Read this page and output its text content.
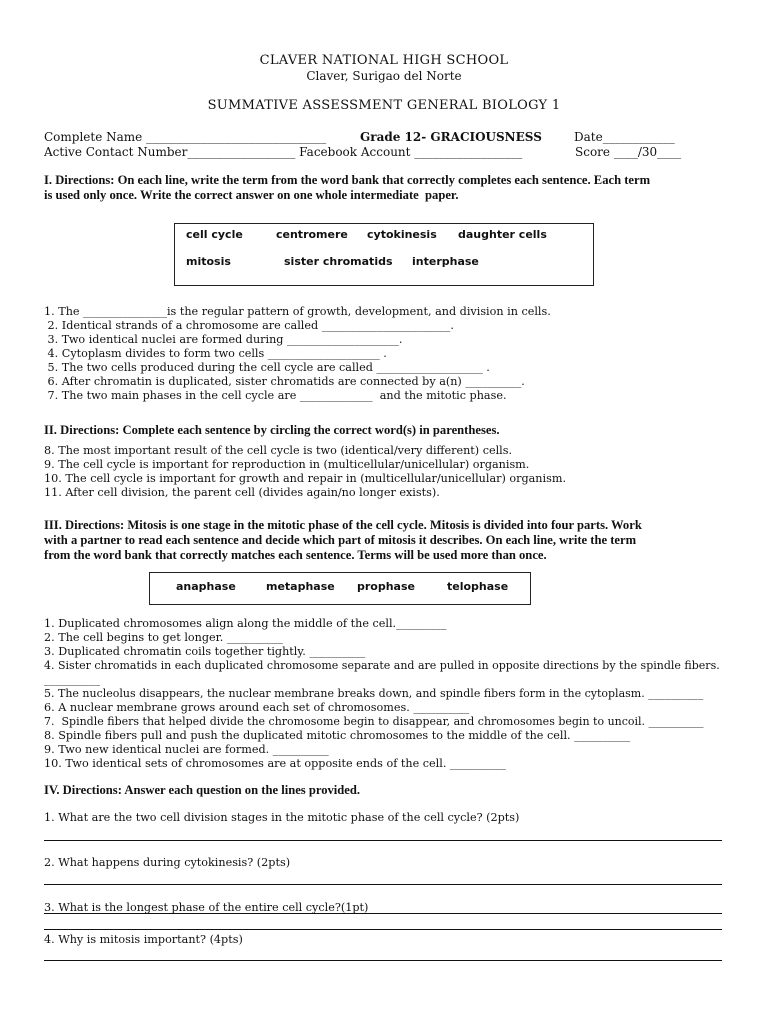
CLAVER NATIONAL HIGH SCHOOL
Claver, Surigao del Norte
SUMMATIVE ASSESSMENT GENERAL BIOLOGY 1
Complete Name ______________________________	Grade 12- GRACIOUSNESS	Date____________
Active Contact Number__________________ Facebook Account __________________	Score ____/30____
I. Directions: On each line, write the term from the word bank that correctly completes each sentence. Each term
is used only once. Write the correct answer on one whole intermediate  paper.
cell cycle	centromere cytokinesis daughter cells
mitosis	sister chromatids interphase
1. The _______________is the regular pattern of growth, development, and division in cells.
2. Identical strands of a chromosome are called _______________________.
3. Two identical nuclei are formed during ____________________.
4. Cytoplasm divides to form two cells ____________________ .
5. The two cells produced during the cell cycle are called ___________________ .
6. After chromatin is duplicated, sister chromatids are connected by a(n) __________.
7. The two main phases in the cell cycle are _____________  and the mitotic phase.
II. Directions: Complete each sentence by circling the correct word(s) in parentheses.
8. The most important result of the cell cycle is two (identical/very different) cells.
9. The cell cycle is important for reproduction in (multicellular/unicellular) organism.
10. The cell cycle is important for growth and repair in (multicellular/unicellular) organism.
11. After cell division, the parent cell (divides again/no longer exists).
III. Directions: Mitosis is one stage in the mitotic phase of the cell cycle. Mitosis is divided into four parts. Work
with a partner to read each sentence and decide which part of mitosis it describes. On each line, write the term
from the word bank that correctly matches each sentence. Terms will be used more than once.
anaphase	metaphase prophase	telophase
1. Duplicated chromosomes align along the middle of the cell._________
2. The cell begins to get longer. __________
3. Duplicated chromatin coils together tightly. __________
4. Sister chromatids in each duplicated chromosome separate and are pulled in opposite directions by the spindle fibers.
__________
5. The nucleolus disappears, the nuclear membrane breaks down, and spindle fibers form in the cytoplasm. __________
6. A nuclear membrane grows around each set of chromosomes. __________
7.  Spindle fibers that helped divide the chromosome begin to disappear, and chromosomes begin to uncoil. __________
8. Spindle fibers pull and push the duplicated mitotic chromosomes to the middle of the cell. __________
9. Two new identical nuclei are formed. __________
10. Two identical sets of chromosomes are at opposite ends of the cell. __________
IV. Directions: Answer each question on the lines provided.
1. What are the two cell division stages in the mitotic phase of the cell cycle? (2pts)
2. What happens during cytokinesis? (2pts)
3. What is the longest phase of the entire cell cycle?(1pt)
4. Why is mitosis important? (4pts)
